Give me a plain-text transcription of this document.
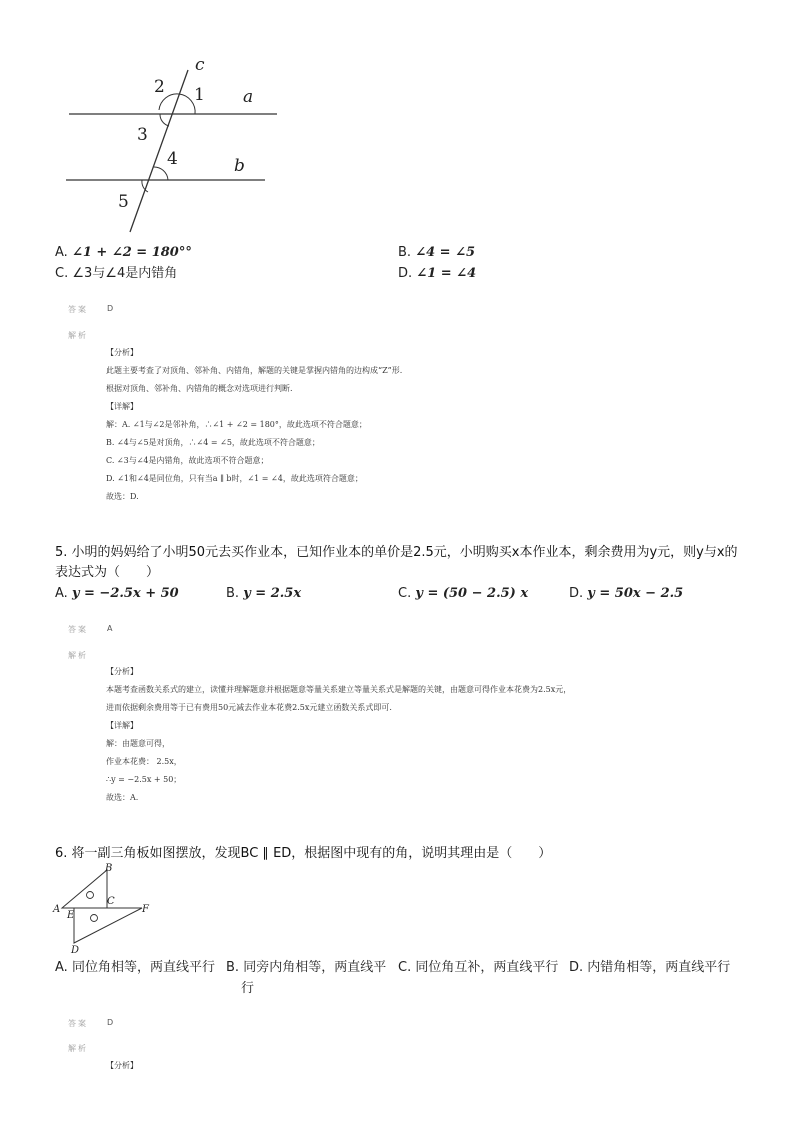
c
a
b
1
2
3
4
5
A. ∠1 + ∠2 = 180°°	B. ∠4 = ∠5
C. ∠3与∠4是内错角	D. ∠1 = ∠4
答案 D
解析
【分析】
此题主要考查了对顶角、邻补角、内错角，解题的关键是掌握内错角的边构成“Z”形.
根据对顶角、邻补角、内错角的概念对选项进行判断.
【详解】
解：A. ∠1与∠2是邻补角，∴∠1 + ∠2 = 180°，故此选项不符合题意；
B. ∠4与∠5是对顶角，∴∠4 = ∠5，故此选项不符合题意；
C. ∠3与∠4是内错角，故此选项不符合题意；
D. ∠1和∠4是同位角，只有当a ∥ b时，∠1 = ∠4，故此选项符合题意；
故选：D.
5. 小明的妈妈给了小明50元去买作业本，已知作业本的单价是2.5元，小明购买x本作业本，剩余费用为y元，则y与x的
表达式为（　　）
A. y = −2.5x + 50	B. y = 2.5x	C. y = (50 − 2.5) x	D. y = 50x − 2.5
答案 A
解析
【分析】
本题考查函数关系式的建立，读懂并理解题意并根据题意等量关系建立等量关系式是解题的关键，由题意可得作业本花费为2.5x元，
进而依据剩余费用等于已有费用50元减去作业本花费2.5x元建立函数关系式即可.
【详解】
解：由题意可得，
作业本花费： 2.5x，
∴y = −2.5x + 50；
故选：A.
6. 将一副三角板如图摆放，发现BC ∥ ED，根据图中现有的角，说明其理由是（　　）
A
B
C
E
F
D
A. 同位角相等，两直线平行 B. 同旁内角相等，两直线平
行
C. 同位角互补，两直线平行 D. 内错角相等，两直线平行
答案 D
解析
【分析】
